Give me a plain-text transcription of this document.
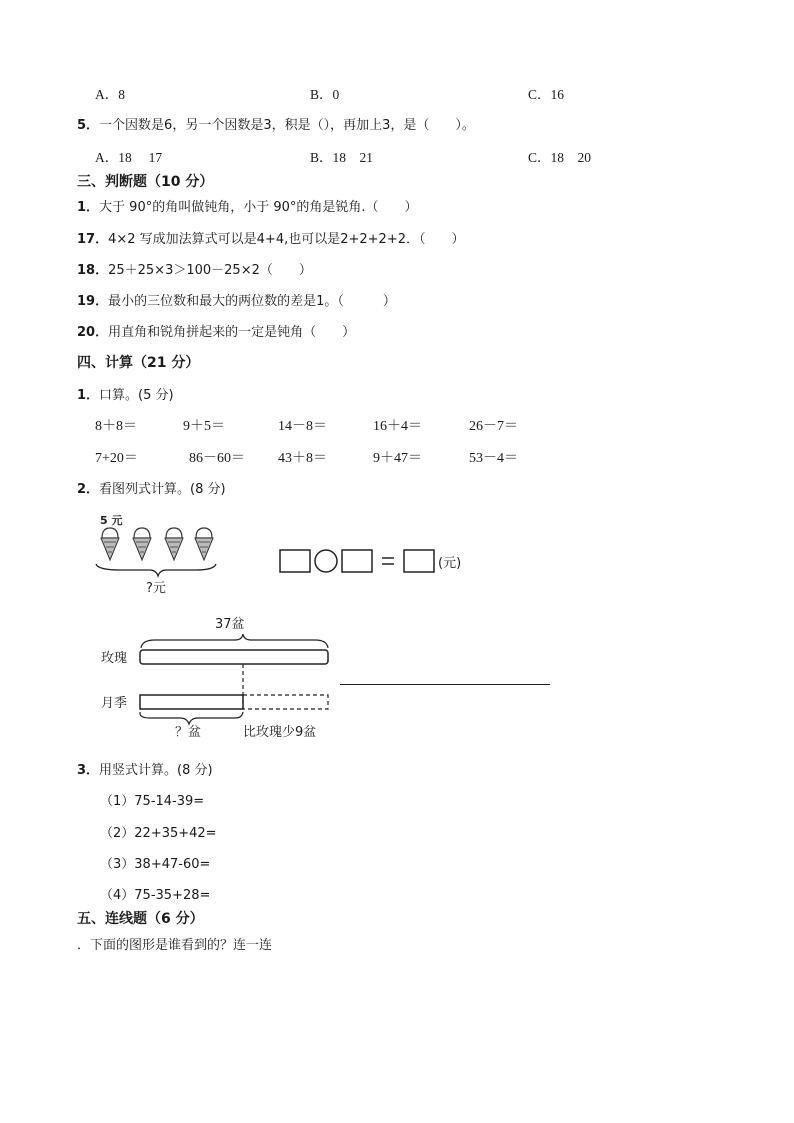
A．8	B．0	C．16
5．一个因数是6，另一个因数是3，积是（），再加上3，是（　　）。
A．18　 17	B．18　21	C．18　20
三、判断题（10 分）
1．大于 90°的角叫做钝角，小于 90°的角是锐角.（　　）
17．4×2 写成加法算式可以是4+4,也可以是2+2+2+2．（　　）
18．25＋25×3＞100－25×2（　　）
19．最小的三位数和最大的两位数的差是1。（　　　）
20．用直角和锐角拼起来的一定是钝角（　　）
四、计算（21 分）
1．口算。(5 分)
8＋8＝	9＋5＝	14－8＝	16＋4＝	26－7＝
7+20＝	86－60＝ 43＋8＝	9＋47＝	53－4＝
2．看图列式计算。(8 分)
5 元
?元
(元)
37盆
玫瑰
月季
？盆	比玫瑰少9盆
3．用竖式计算。(8 分)
（1）75-14-39=
（2）22+35+42=
（3）38+47-60=
（4）75-35+28=
五、连线题（6 分）
．下面的图形是谁看到的？连一连
